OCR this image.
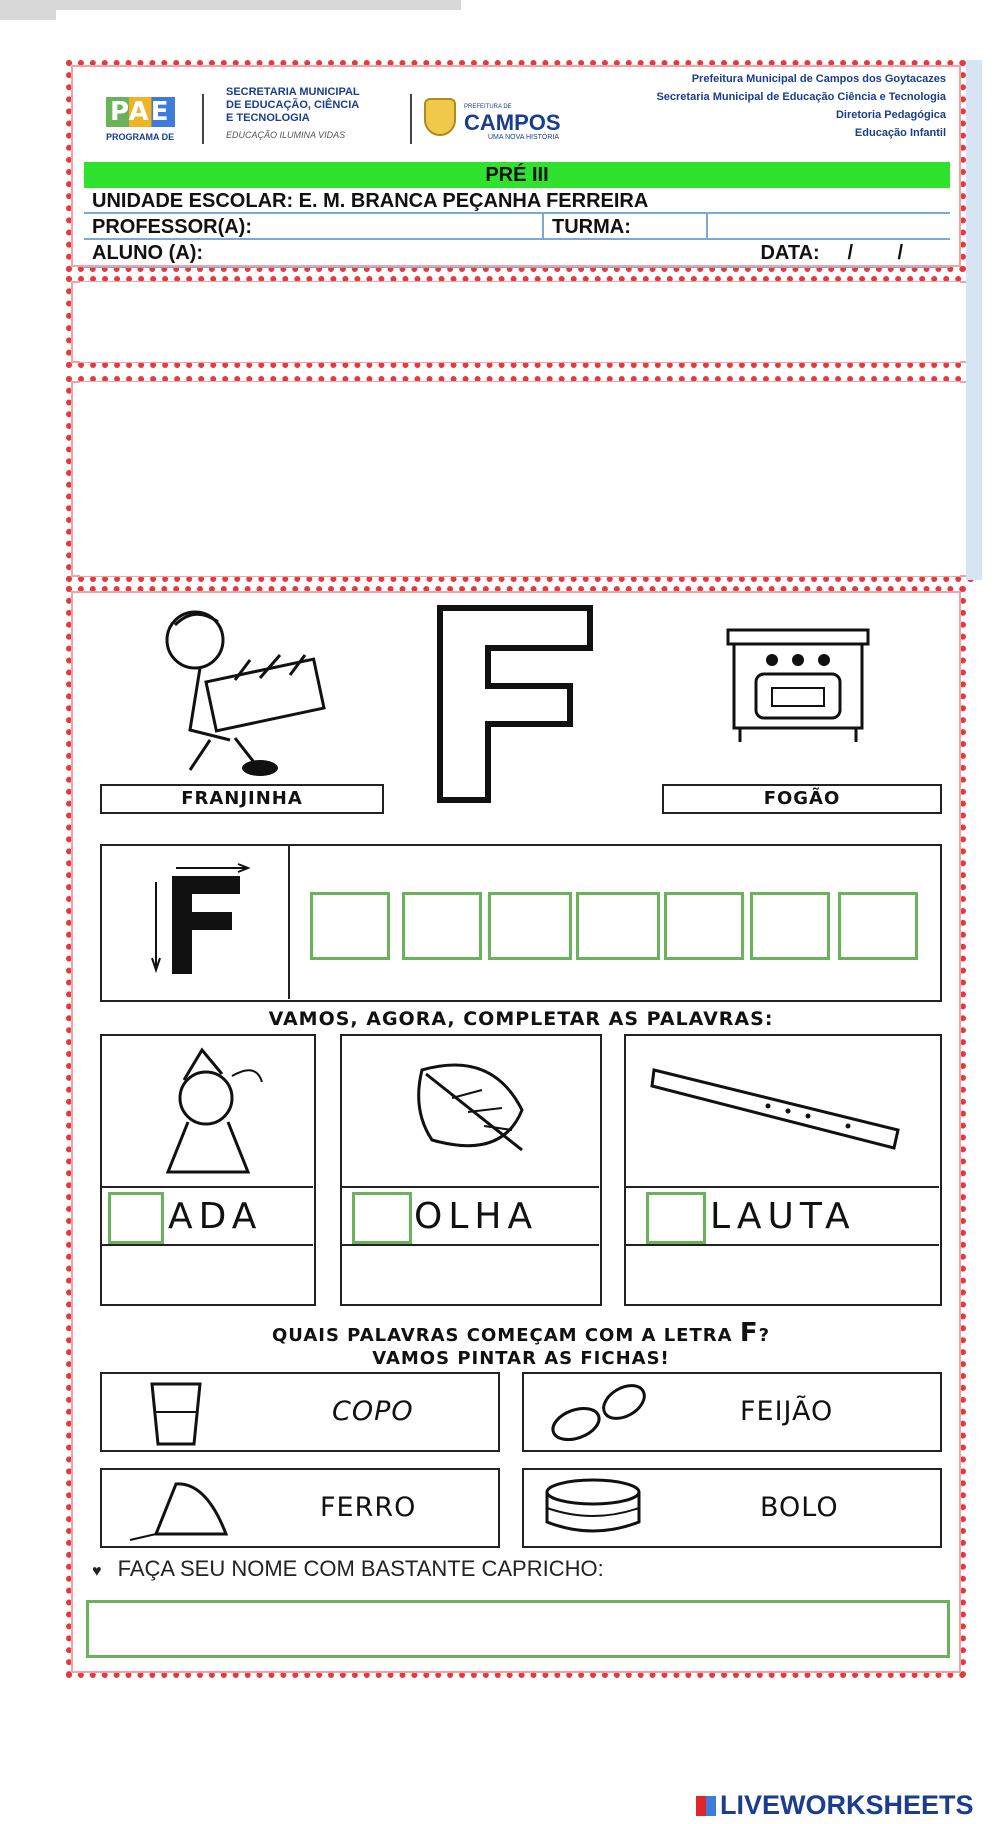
PAE
PROGRAMA DE
SECRETARIA MUNICIPAL
DE EDUCAÇÃO, CIÊNCIA
E TECNOLOGIA
EDUCAÇÃO ILUMINA VIDAS
PREFEITURA DE
CAMPOS
UMA NOVA HISTÓRIA
Prefeitura Municipal de Campos dos Goytacazes
Secretaria Municipal de Educação Ciência e Tecnologia
Diretoria Pedagógica
Educação Infantil
PRÉ III
UNIDADE ESCOLAR: E. M. BRANCA PEÇANHA FERREIRA
PROFESSOR(A):	TURMA:

DATA:     /        /

ALUNO (A):
FRANJINHA	FOGÃO
VAMOS, AGORA, COMPLETAR AS PALAVRAS:
ADA	OLHA	LAUTA
QUAIS PALAVRAS COMEÇAM COM A LETRA F?
VAMOS PINTAR AS FICHAS!
COPO	FEIJÃO
FERRO	BOLO
♥ FAÇA SEU NOME COM BASTANTE CAPRICHO:
LIVEWORKSHEETS
